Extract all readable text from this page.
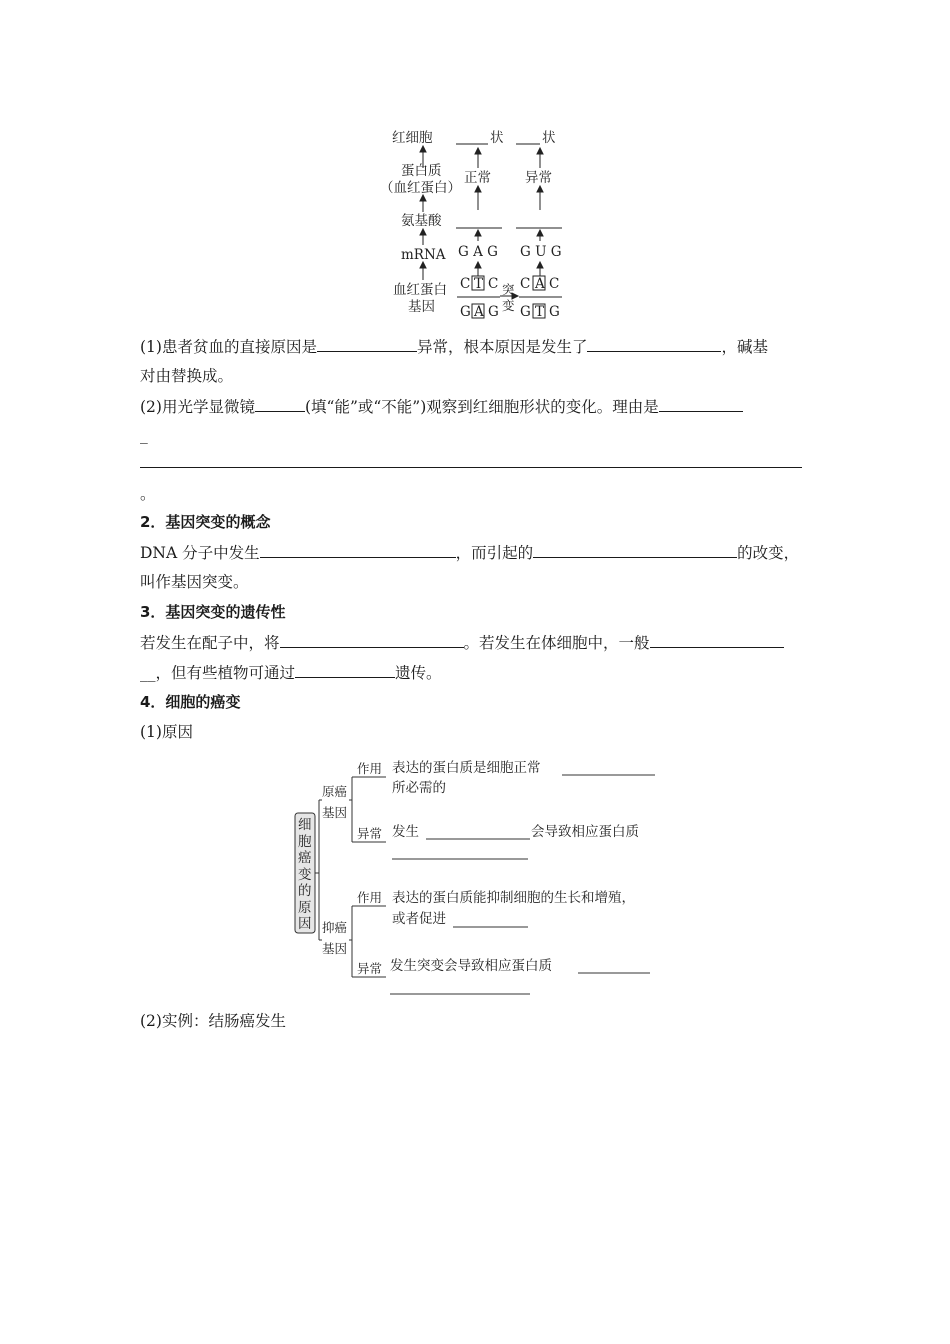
红细胞
蛋白质
（血红蛋白）
氨基酸
mRNA
血红蛋白
基因
状	状
正常	异常
G A G G U G
C T C
G A G
C A C
G T G
突
变
(1)患者贫血的直接原因是	异常，根本原因是发生了	，碱基
对由替换成。
(2)用光学显微镜	(填“能”或“不能”)观察到红细胞形状的变化。理由是
_
。
2．基因突变的概念
DNA 分子中发生	，而引起的	的改变，
叫作基因突变。
3．基因突变的遗传性
若发生在配子中，将	。若发生在体细胞中，一般
__，但有些植物可通过	遗传。
4．细胞的癌变
(1)原因
细
胞
癌
变
的
原
因
原癌
基因
作用 表达的蛋白质是细胞正常
所必需的
异常 发生	会导致相应蛋白质
抑癌
基因
作用 表达的蛋白质能抑制细胞的生长和增殖，
或者促进
异常 发生突变会导致相应蛋白质
(2)实例：结肠癌发生
